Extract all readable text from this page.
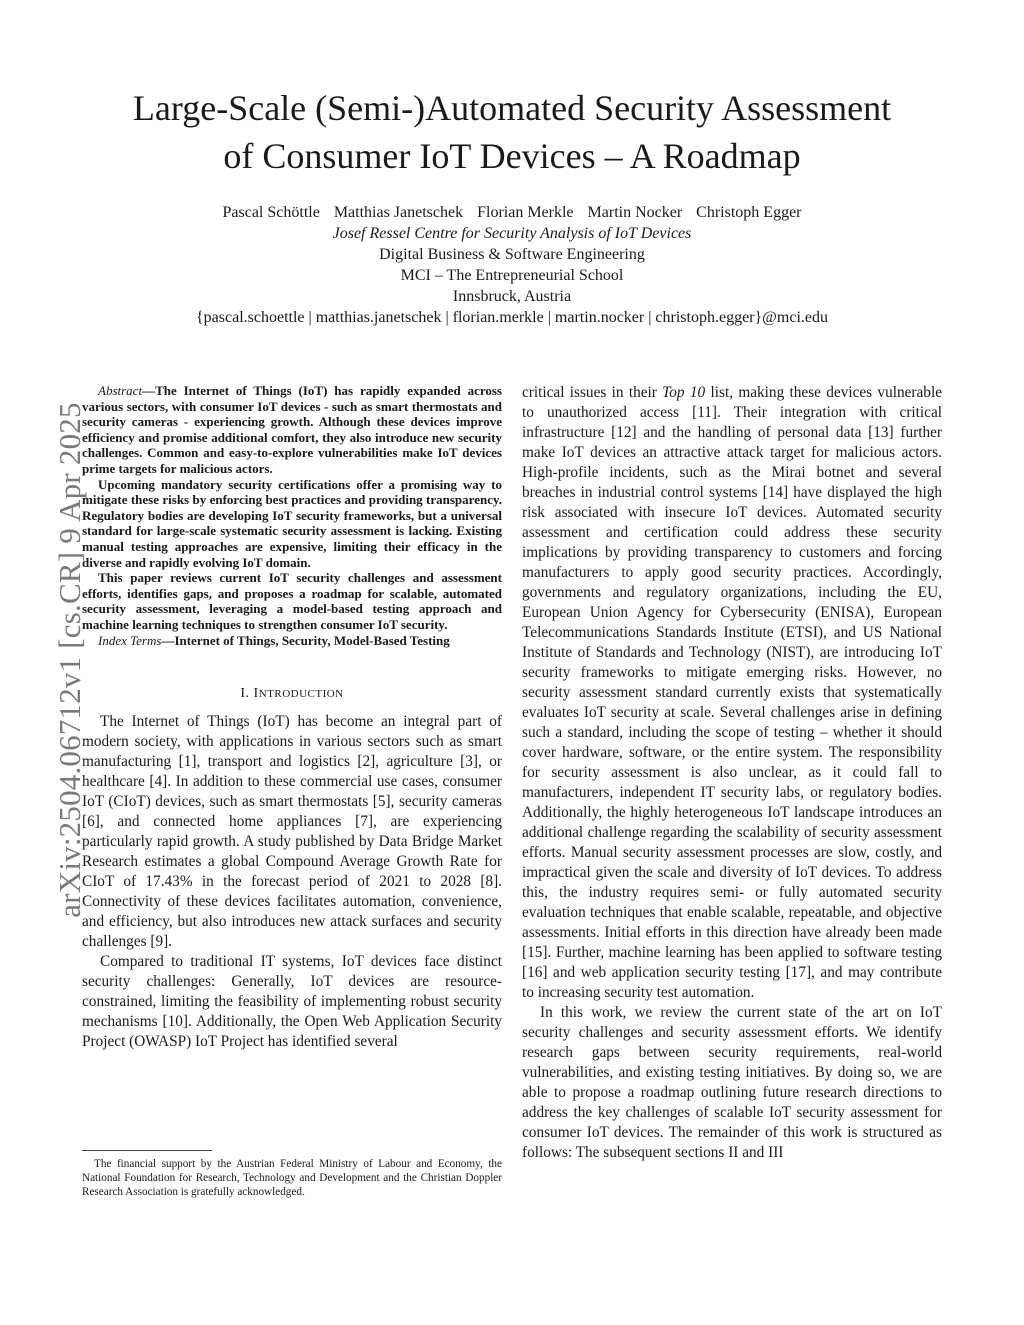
Large-Scale (Semi-)Automated Security Assessment
of Consumer IoT Devices – A Roadmap
Pascal Schöttle Matthias Janetschek Florian Merkle Martin Nocker Christoph Egger
Josef Ressel Centre for Security Analysis of IoT Devices
Digital Business & Software Engineering
MCI – The Entrepreneurial School
Innsbruck, Austria
{pascal.schoettle | matthias.janetschek | florian.merkle | martin.nocker | christoph.egger}@mci.edu
arXiv:2504.06712v1 [cs.CR] 9 Apr 2025

Abstract—The Internet of Things (IoT) has rapidly expanded across various sectors, with consumer IoT devices - such as smart thermostats and security cameras - experiencing growth. Although these devices improve efficiency and promise additional comfort, they also introduce new security challenges. Common and easy-to-explore vulnerabilities make IoT devices prime targets for malicious actors.

Upcoming mandatory security certifications offer a promising way to mitigate these risks by enforcing best practices and providing transparency. Regulatory bodies are developing IoT security frameworks, but a universal standard for large-scale systematic security assessment is lacking. Existing manual testing approaches are expensive, limiting their efficacy in the diverse and rapidly evolving IoT domain.

This paper reviews current IoT security challenges and assessment efforts, identifies gaps, and proposes a roadmap for scalable, automated security assessment, leveraging a model-based testing approach and machine learning techniques to strengthen consumer IoT security.

Index Terms—Internet of Things, Security, Model-Based Testing

I. INTRODUCTION

The Internet of Things (IoT) has become an integral part of modern society, with applications in various sectors such as smart manufacturing [1], transport and logistics [2], agriculture [3], or healthcare [4]. In addition to these commercial use cases, consumer IoT (CIoT) devices, such as smart thermostats [5], security cameras [6], and connected home appliances [7], are experiencing particularly rapid growth. A study published by Data Bridge Market Research estimates a global Compound Average Growth Rate for CIoT of 17.43% in the forecast period of 2021 to 2028 [8]. Connectivity of these devices facilitates automation, convenience, and efficiency, but also introduces new attack surfaces and security challenges [9].

Compared to traditional IT systems, IoT devices face distinct security challenges: Generally, IoT devices are resource-constrained, limiting the feasibility of implementing robust security mechanisms [10]. Additionally, the Open Web Application Security Project (OWASP) IoT Project has identified several

critical issues in their Top 10 list, making these devices vulnerable to unauthorized access [11]. Their integration with critical infrastructure [12] and the handling of personal data [13] further make IoT devices an attractive attack target for malicious actors. High-profile incidents, such as the Mirai botnet and several breaches in industrial control systems [14] have displayed the high risk associated with insecure IoT devices. Automated security assessment and certification could address these security implications by providing transparency to customers and forcing manufacturers to apply good security practices. Accordingly, governments and regulatory organizations, including the EU, European Union Agency for Cybersecurity (ENISA), European Telecommunications Standards Institute (ETSI), and US National Institute of Standards and Technology (NIST), are introducing IoT security frameworks to mitigate emerging risks. However, no security assessment standard currently exists that systematically evaluates IoT security at scale. Several challenges arise in defining such a standard, including the scope of testing – whether it should cover hardware, software, or the entire system. The responsibility for security assessment is also unclear, as it could fall to manufacturers, independent IT security labs, or regulatory bodies. Additionally, the highly heterogeneous IoT landscape introduces an additional challenge regarding the scalability of security assessment efforts. Manual security assessment processes are slow, costly, and impractical given the scale and diversity of IoT devices. To address this, the industry requires semi- or fully automated security evaluation techniques that enable scalable, repeatable, and objective assessments. Initial efforts in this direction have already been made [15]. Further, machine learning has been applied to software testing [16] and web application security testing [17], and may contribute to increasing security test automation.

In this work, we review the current state of the art on IoT security challenges and security assessment efforts. We identify research gaps between security requirements, real-world vulnerabilities, and existing testing initiatives. By doing so, we are able to propose a roadmap outlining future research directions to address the key challenges of scalable IoT security assessment for consumer IoT devices. The remainder of this work is structured as follows: The subsequent sections II and III

The financial support by the Austrian Federal Ministry of Labour and Economy, the National Foundation for Research, Technology and Development and the Christian Doppler Research Association is gratefully acknowledged.
